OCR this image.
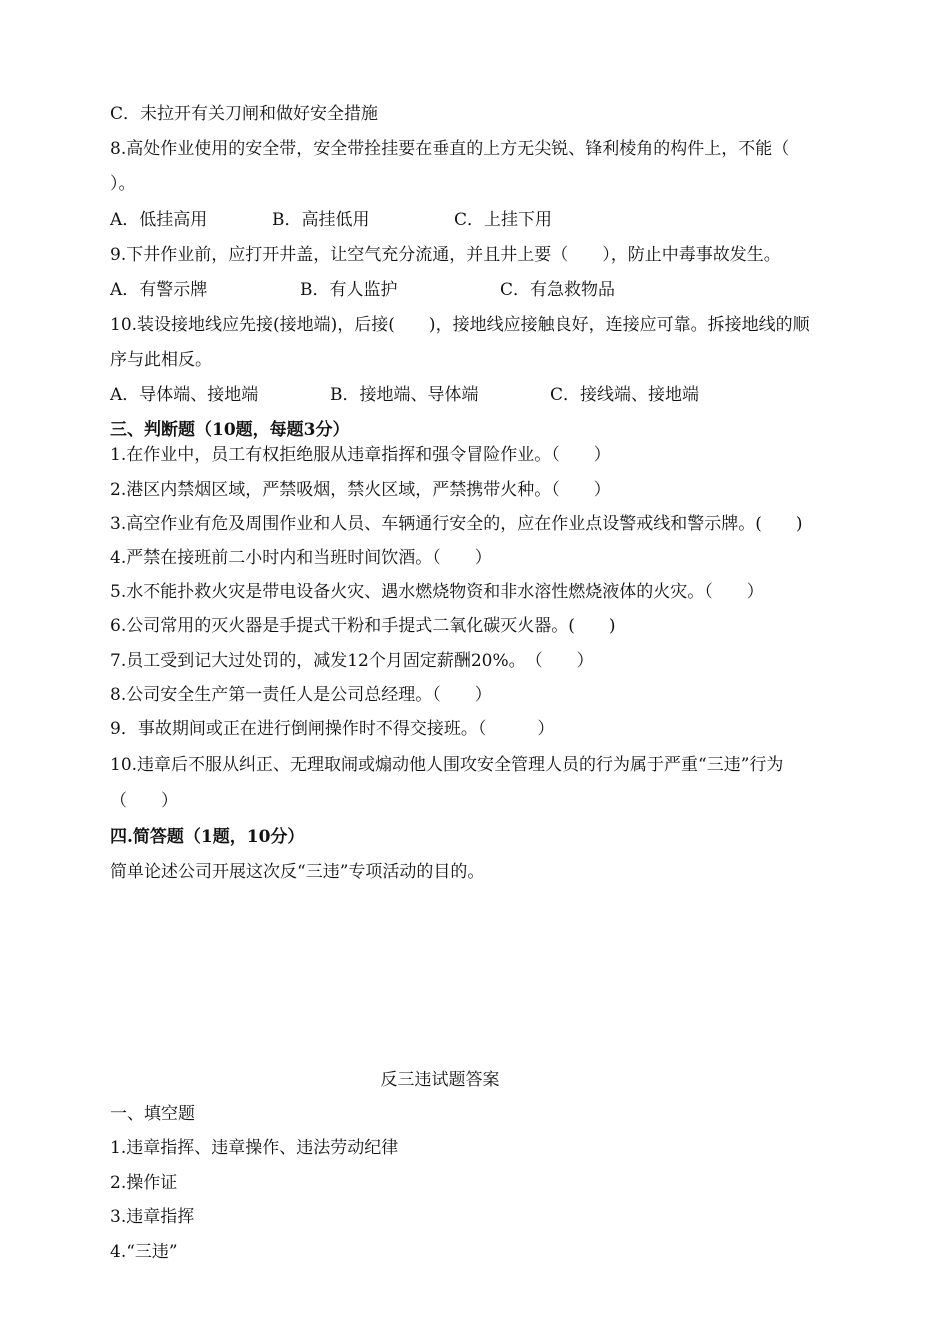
C．未拉开有关刀闸和做好安全措施
8.高处作业使用的安全带，安全带拴挂要在垂直的上方无尖锐、锋利棱角的构件上，不能（
）。
A．低挂高用	B．高挂低用	C．上挂下用
9.下井作业前，应打开井盖，让空气充分流通，并且井上要（　　），防止中毒事故发生。
A．有警示牌	B．有人监护	C．有急救物品
10.装设接地线应先接(接地端)，后接(　　)，接地线应接触良好，连接应可靠。拆接地线的顺
序与此相反。
A．导体端、接地端	B．接地端、导体端	C．接线端、接地端
三、判断题（10题，每题3分）
1.在作业中，员工有权拒绝服从违章指挥和强令冒险作业。（　　）
2.港区内禁烟区域，严禁吸烟，禁火区域，严禁携带火种。（　　）
3.高空作业有危及周围作业和人员、车辆通行安全的，应在作业点设警戒线和警示牌。(　　)
4.严禁在接班前二小时内和当班时间饮酒。（　　）
5.水不能扑救火灾是带电设备火灾、遇水燃烧物资和非水溶性燃烧液体的火灾。（　　）
6.公司常用的灭火器是手提式干粉和手提式二氧化碳灭火器。(　　)
7.员工受到记大过处罚的，减发12个月固定薪酬20%。　（　　）
8.公司安全生产第一责任人是公司总经理。（　　）
9．事故期间或正在进行倒闸操作时不得交接班。（　　　）
10.违章后不服从纠正、无理取闹或煽动他人围攻安全管理人员的行为属于严重“三违”行为
（　　）
四.简答题（1题，10分）
简单论述公司开展这次反“三违”专项活动的目的。
反三违试题答案
一、填空题
1.违章指挥、违章操作、违法劳动纪律
2.操作证
3.违章指挥
4.“三违”
